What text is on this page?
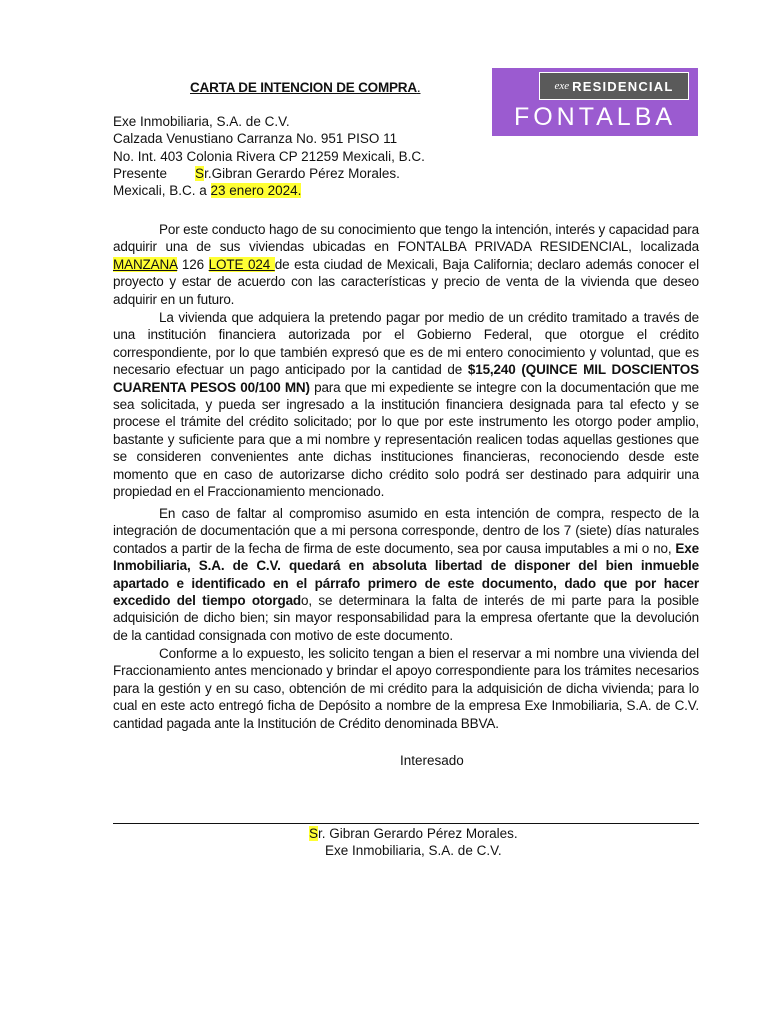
CARTA DE INTENCION DE COMPRA.	exe RESIDENCIAL
FONTALBA
Exe Inmobiliaria, S.A. de C.V.
Calzada Venustiano Carranza No. 951 PISO 11
No. Int. 403 Colonia Rivera CP 21259 Mexicali, B.C.
Presente Sr.Gibran Gerardo Pérez Morales.
Mexicali, B.C. a 23 enero 2024.
Por este conducto hago de su conocimiento que tengo la intención, interés y capacidad para adquirir una de sus viviendas ubicadas en FONTALBA PRIVADA RESIDENCIAL, localizada MANZANA 126 LOTE 024 de esta ciudad de Mexicali, Baja California; declaro además conocer el proyecto y estar de acuerdo con las características y precio de venta de la vivienda que deseo adquirir en un futuro.
La vivienda que adquiera la pretendo pagar por medio de un crédito tramitado a través de una institución financiera autorizada por el Gobierno Federal, que otorgue el crédito correspondiente, por lo que también expresó que es de mi entero conocimiento y voluntad, que es necesario efectuar un pago anticipado por la cantidad de $15,240 (QUINCE MIL DOSCIENTOS CUARENTA PESOS 00/100 MN) para que mi expediente se integre con la documentación que me sea solicitada, y pueda ser ingresado a la institución financiera designada para tal efecto y se procese el trámite del crédito solicitado; por lo que por este instrumento les otorgo poder amplio, bastante y suficiente para que a mi nombre y representación realicen todas aquellas gestiones que se consideren convenientes ante dichas instituciones financieras, reconociendo desde este momento que en caso de autorizarse dicho crédito solo podrá ser destinado para adquirir una propiedad en el Fraccionamiento mencionado.
En caso de faltar al compromiso asumido en esta intención de compra, respecto de la integración de documentación que a mi persona corresponde, dentro de los 7 (siete) días naturales contados a partir de la fecha de firma de este documento, sea por causa imputables a mi o no, Exe Inmobiliaria, S.A. de C.V. quedará en absoluta libertad de disponer del bien inmueble apartado e identificado en el párrafo primero de este documento, dado que por hacer excedido del tiempo otorgado, se determinara la falta de interés de mi parte para la posible adquisición de dicho bien; sin mayor responsabilidad para la empresa ofertante que la devolución de la cantidad consignada con motivo de este documento.
Conforme a lo expuesto, les solicito tengan a bien el reservar a mi nombre una vivienda del Fraccionamiento antes mencionado y brindar el apoyo correspondiente para los trámites necesarios para la gestión y en su caso, obtención de mi crédito para la adquisición de dicha vivienda; para lo cual en este acto entregó ficha de Depósito a nombre de la empresa Exe Inmobiliaria, S.A. de C.V. cantidad pagada ante la Institución de Crédito denominada BBVA.
Interesado
Sr. Gibran Gerardo Pérez Morales.
Exe Inmobiliaria, S.A. de C.V.
